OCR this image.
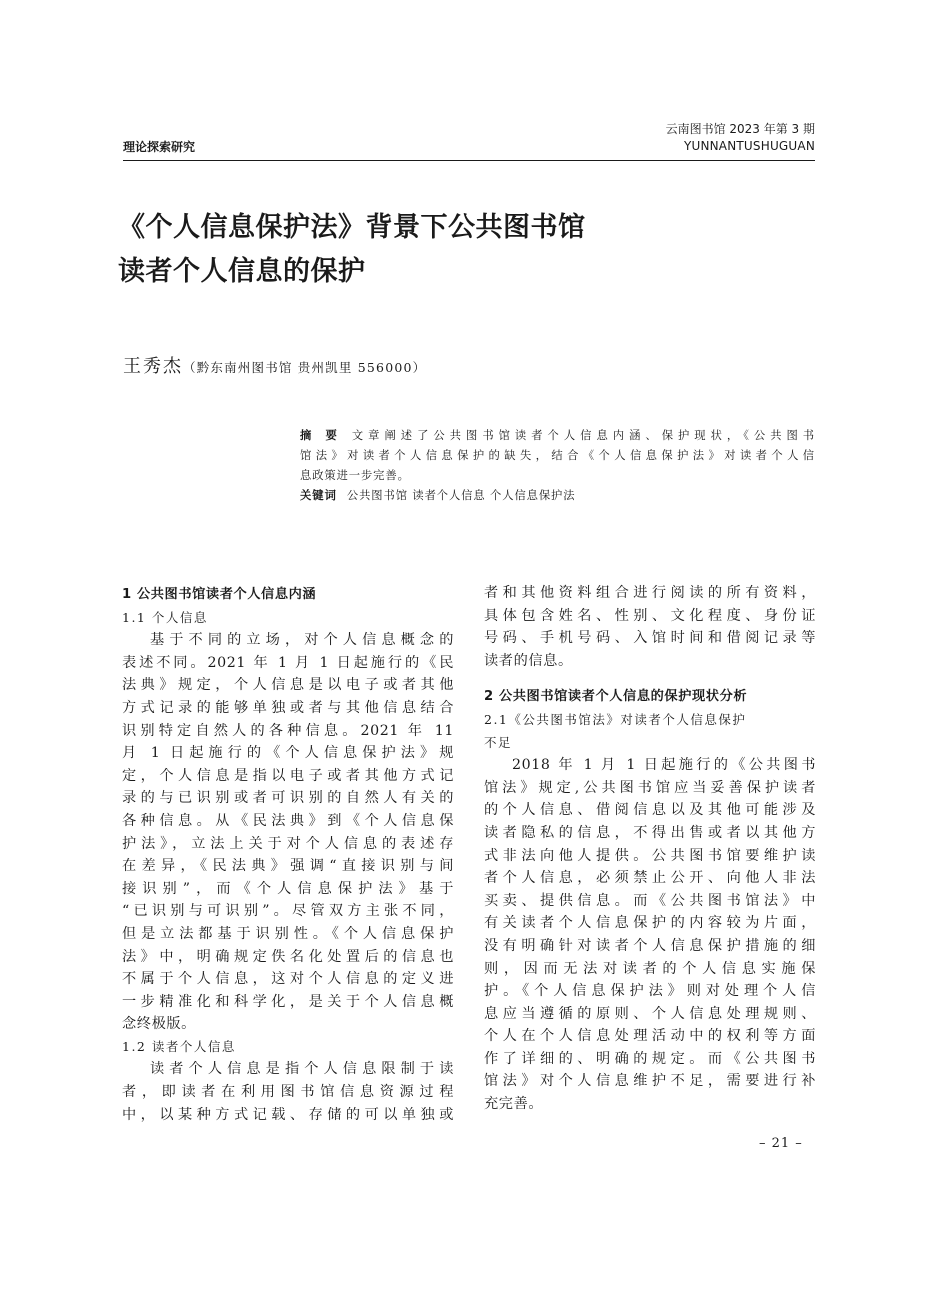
理论探索研究
云南图书馆 2023 年第 3 期
YUNNANTUSHUGUAN
《个人信息保护法》背景下公共图书馆
读者个人信息的保护
王秀杰（黔东南州图书馆 贵州凯里 556000）

摘 要 文章阐述了公共图书馆读者个人信息内涵、保护现状，《公共图书

馆法》对读者个人信息保护的缺失，结合《个人信息保护法》对读者个人信

息政策进一步完善。

关键词 公共图书馆 读者个人信息 个人信息保护法

1 公共图书馆读者个人信息内涵
1.1 个人信息
基于不同的立场，对个人信息概念的
表述不同。2021 年 1 月 1 日起施行的《民
法典》规定，个人信息是以电子或者其他
方式记录的能够单独或者与其他信息结合
识别特定自然人的各种信息。2021 年 11
月 1 日起施行的《个人信息保护法》规
定，个人信息是指以电子或者其他方式记
录的与已识别或者可识别的自然人有关的
各种信息。从《民法典》到《个人信息保
护法》，立法上关于对个人信息的表述存
在差异，《民法典》强调“直接识别与间
接识别”，而《个人信息保护法》基于
“已识别与可识别”。尽管双方主张不同，
但是立法都基于识别性。《个人信息保护
法》中，明确规定佚名化处置后的信息也
不属于个人信息，这对个人信息的定义进
一步精准化和科学化，是关于个人信息概
念终极版。
1.2 读者个人信息
读者个人信息是指个人信息限制于读
者，即读者在利用图书馆信息资源过程
中，以某种方式记载、存储的可以单独或
者和其他资料组合进行阅读的所有资料，
具体包含姓名、性别、文化程度、身份证
号码、手机号码、入馆时间和借阅记录等
读者的信息。
2 公共图书馆读者个人信息的保护现状分析
2.1《公共图书馆法》对读者个人信息保护
不足
2018 年 1 月 1 日起施行的《公共图书
馆法》规定,公共图书馆应当妥善保护读者
的个人信息、借阅信息以及其他可能涉及
读者隐私的信息，不得出售或者以其他方
式非法向他人提供。公共图书馆要维护读
者个人信息，必须禁止公开、向他人非法
买卖、提供信息。而《公共图书馆法》中
有关读者个人信息保护的内容较为片面，
没有明确针对读者个人信息保护措施的细
则，因而无法对读者的个人信息实施保
护。《个人信息保护法》则对处理个人信
息应当遵循的原则、个人信息处理规则、
个人在个人信息处理活动中的权利等方面
作了详细的、明确的规定。而《公共图书
馆法》对个人信息维护不足，需要进行补
充完善。
– 21 –
